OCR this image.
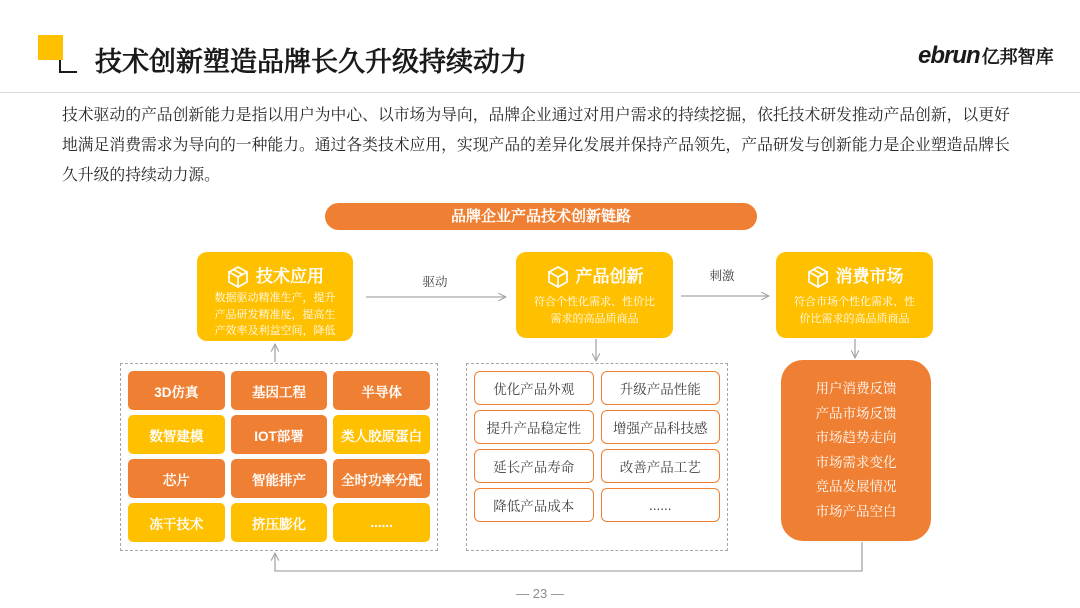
技术创新塑造品牌长久升级持续动力	ebrun 亿邦智库
技术驱动的产品创新能力是指以用户为中心、以市场为导向，品牌企业通过对用户需求的持续挖掘，依托技术研发推动产品创新，以更好
地满足消费需求为导向的一种能力。通过各类技术应用，实现产品的差异化发展并保持产品领先，产品研发与创新能力是企业塑造品牌长
久升级的持续动力源。
品牌企业产品技术创新链路
驱动	刺激
技术应用
数据驱动精准生产，提升
产品研发精准度，提高生
产效率及利益空间，降低
产品创新
符合个性化需求、性价比
需求的高品质商品
消费市场
符合市场个性化需求、性
价比需求的高品质商品
3D仿真	基因工程	半导体
数智建模	IOT部署	类人胶原蛋白
芯片	智能排产	全时功率分配
冻干技术	挤压膨化	......
优化产品外观	升级产品性能
提升产品稳定性	增强产品科技感
延长产品寿命	改善产品工艺
降低产品成本	......
用户消费反馈
产品市场反馈
市场趋势走向
市场需求变化
竞品发展情况
市场产品空白
— 23 —
